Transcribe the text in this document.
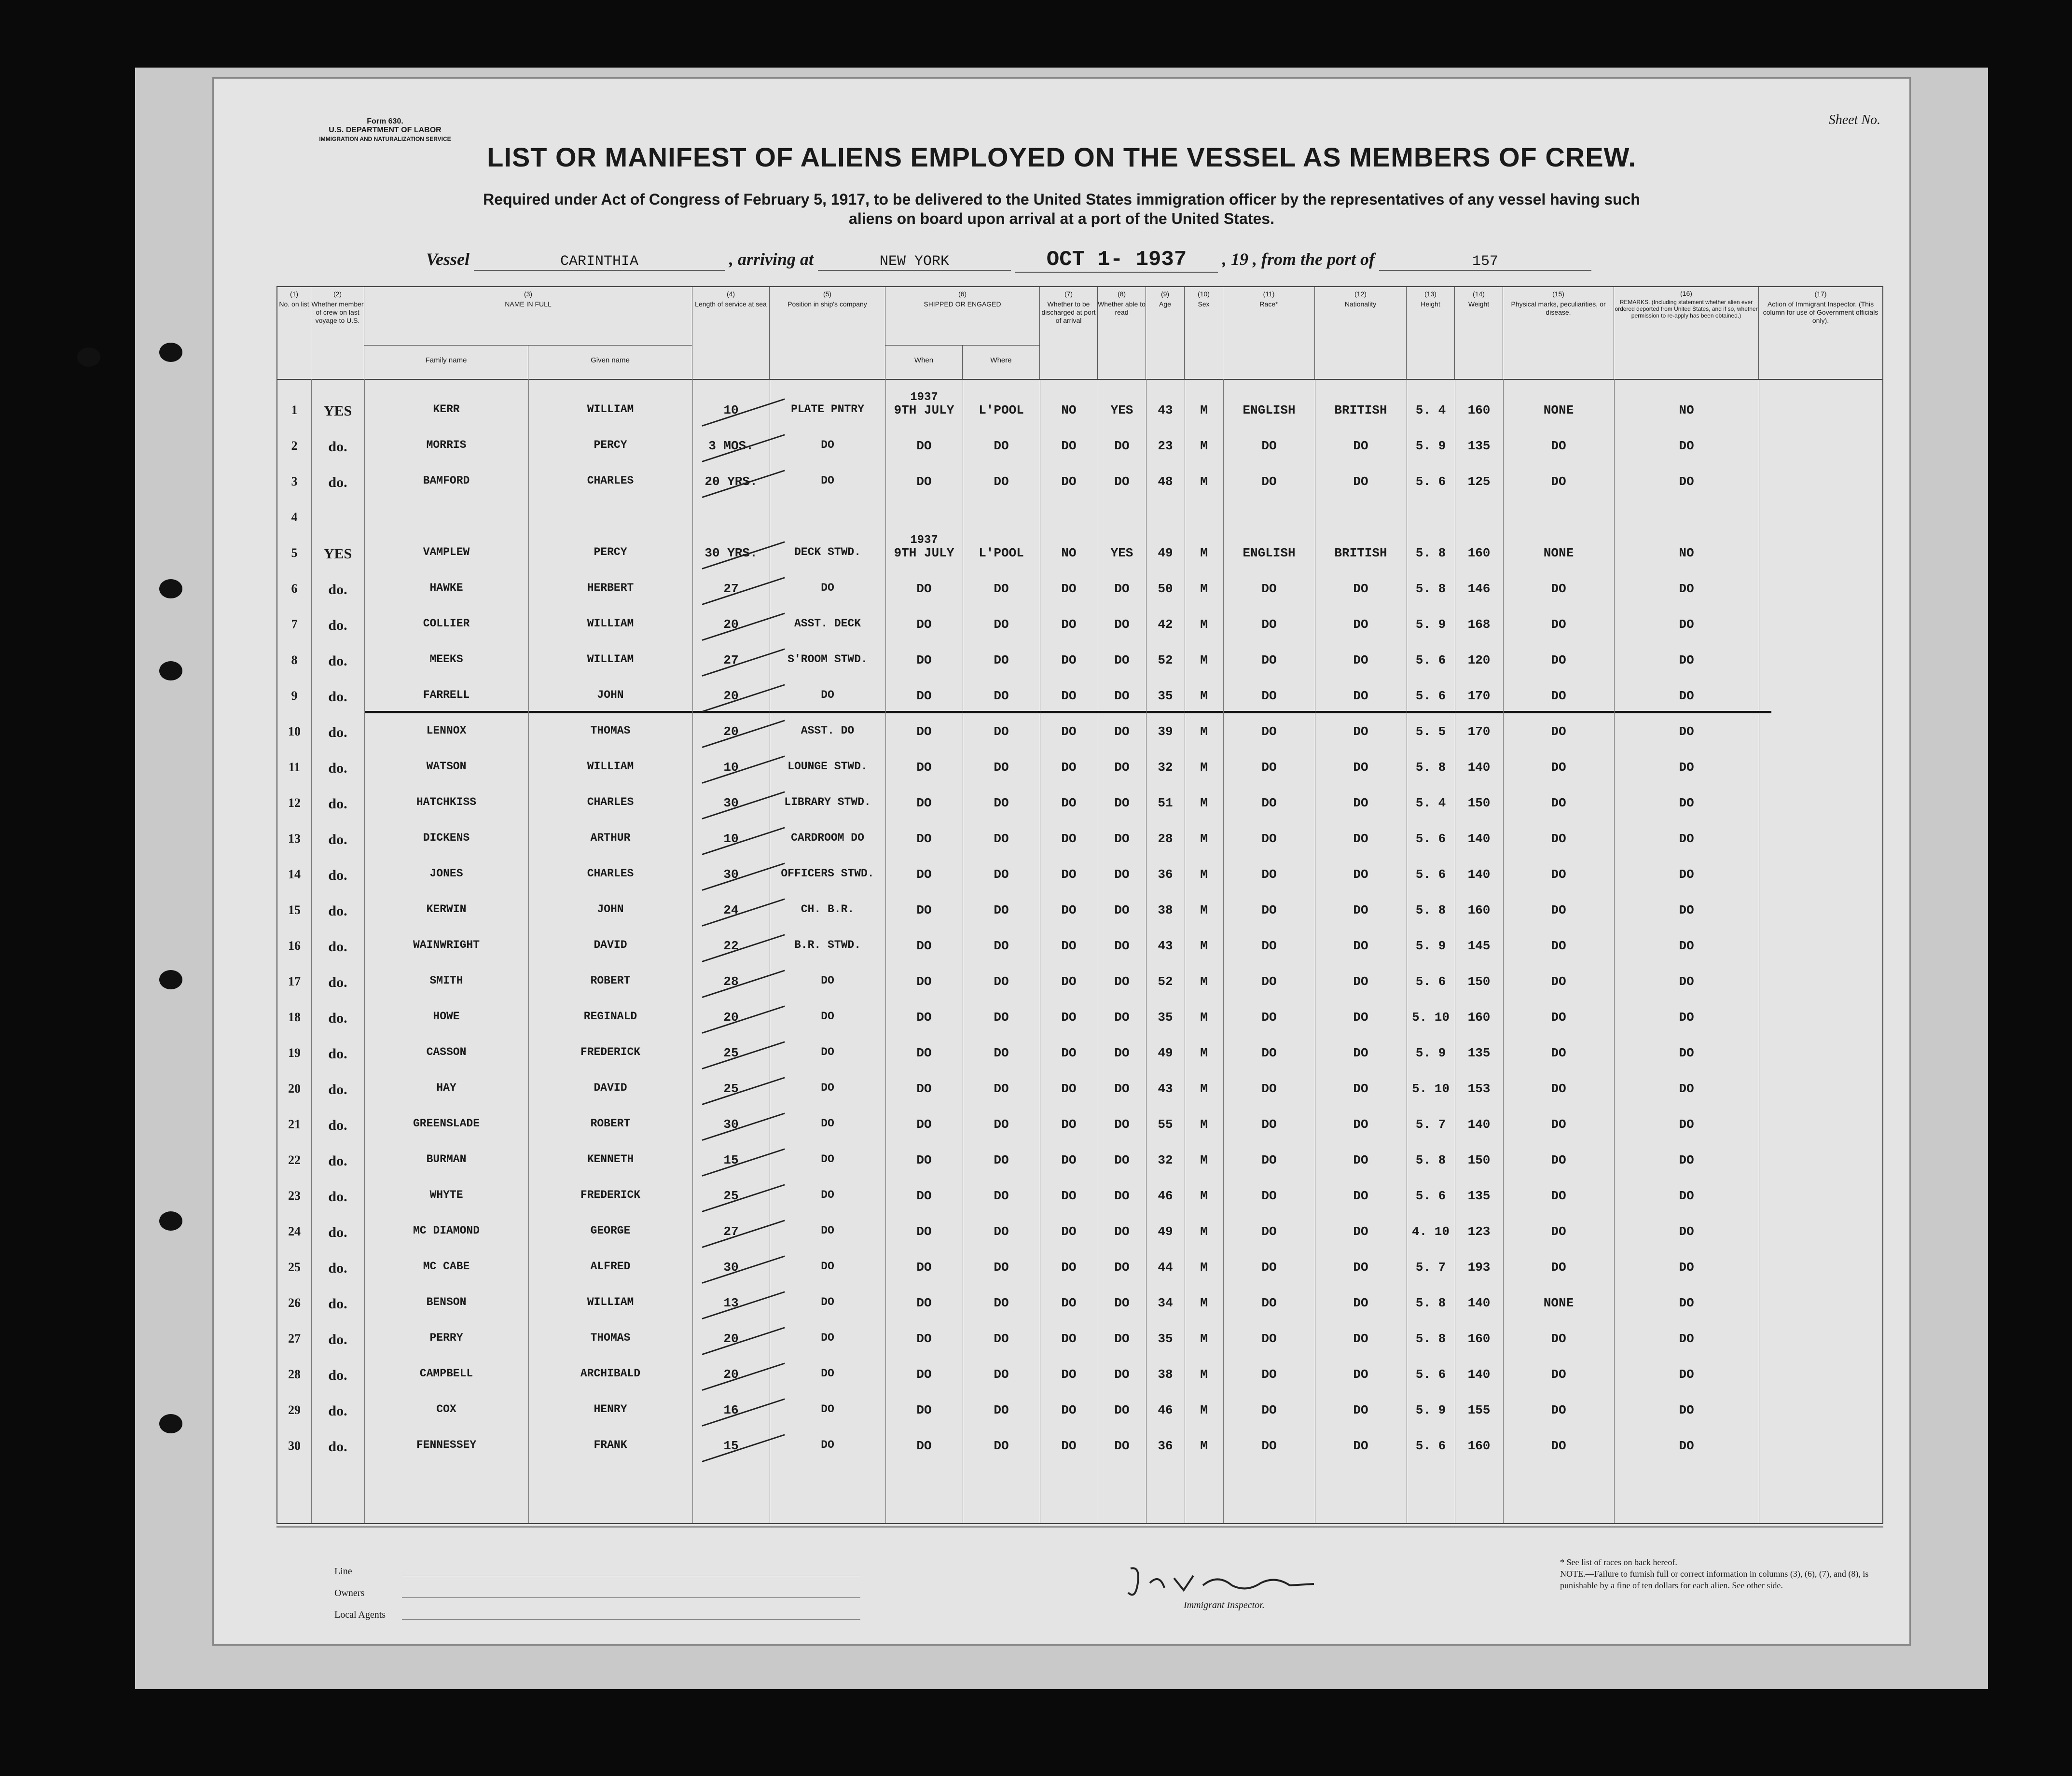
Form 630.
U.S. DEPARTMENT OF LABOR
IMMIGRATION AND NATURALIZATION SERVICE
Sheet No.
LIST OR MANIFEST OF ALIENS EMPLOYED ON THE VESSEL AS MEMBERS OF CREW.
Required under Act of Congress of February 5, 1917, to be delivered to the United States immigration officer by the representatives of any vessel having such
aliens on board upon arrival at a port of the United States.
Vessel	CARINTHIA	, arriving at	NEW YORK	OCT 1- 1937 , 19 , from the port of	157
(1)
No. on list
(2)
Whether member of crew on last voyage to U.S.
(3)
NAME IN FULL
Family name	Given name
(4)
Length of service at sea
(5)
Position in ship's company
(6)
SHIPPED OR ENGAGED
When	Where
(7)
Whether to be discharged at port of arrival
(8)
Whether able to read
(9)
Age
(10)
Sex
(11)
Race*
(12)
Nationality
(13)
Height
(14)
Weight
(15)
Physical marks, peculiarities, or disease.
(16)
REMARKS. (Including statement whether alien ever ordered deported from United States, and if so, whether permission to re-apply has been obtained.)
(17)
Action of Immigrant Inspector. (This column for use of Government officials only).
1	YES	KERR	WILLIAM	10	PLATE PNTRY	9TH JULY	L'POOL	NO	YES	43	M	ENGLISH	BRITISH	5. 4	160	NONE	NO
2	do.	MORRIS	PERCY	3 MOS.	DO	DO	DO	DO	DO	23	M	DO	DO	5. 9	135	DO	DO
3	do.	BAMFORD	CHARLES	20 YRS.	DO	DO	DO	DO	DO	48	M	DO	DO	5. 6	125	DO	DO
4
5	YES	VAMPLEW	PERCY	30 YRS.	DECK STWD.	9TH JULY	L'POOL	NO	YES	49	M	ENGLISH	BRITISH	5. 8	160	NONE	NO
6	do.	HAWKE	HERBERT	27	DO	DO	DO	DO	DO	50	M	DO	DO	5. 8	146	DO	DO
7	do.	COLLIER	WILLIAM	20	ASST. DECK	DO	DO	DO	DO	42	M	DO	DO	5. 9	168	DO	DO
8	do.	MEEKS	WILLIAM	27	S'ROOM STWD.	DO	DO	DO	DO	52	M	DO	DO	5. 6	120	DO	DO
9	do.	FARRELL	JOHN	20	DO	DO	DO	DO	DO	35	M	DO	DO	5. 6	170	DO	DO
10	do.	LENNOX	THOMAS	20	ASST. DO	DO	DO	DO	DO	39	M	DO	DO	5. 5	170	DO	DO
11	do.	WATSON	WILLIAM	10	LOUNGE STWD.	DO	DO	DO	DO	32	M	DO	DO	5. 8	140	DO	DO
12	do.	HATCHKISS	CHARLES	30	LIBRARY STWD.	DO	DO	DO	DO	51	M	DO	DO	5. 4	150	DO	DO
13	do.	DICKENS	ARTHUR	10	CARDROOM DO	DO	DO	DO	DO	28	M	DO	DO	5. 6	140	DO	DO
14	do.	JONES	CHARLES	30	OFFICERS STWD.	DO	DO	DO	DO	36	M	DO	DO	5. 6	140	DO	DO
15	do.	KERWIN	JOHN	24	CH. B.R.	DO	DO	DO	DO	38	M	DO	DO	5. 8	160	DO	DO
16	do.	WAINWRIGHT	DAVID	22	B.R. STWD.	DO	DO	DO	DO	43	M	DO	DO	5. 9	145	DO	DO
17	do.	SMITH	ROBERT	28	DO	DO	DO	DO	DO	52	M	DO	DO	5. 6	150	DO	DO
18	do.	HOWE	REGINALD	20	DO	DO	DO	DO	DO	35	M	DO	DO	5. 10	160	DO	DO
19	do.	CASSON	FREDERICK	25	DO	DO	DO	DO	DO	49	M	DO	DO	5. 9	135	DO	DO
20	do.	HAY	DAVID	25	DO	DO	DO	DO	DO	43	M	DO	DO	5. 10	153	DO	DO
21	do.	GREENSLADE	ROBERT	30	DO	DO	DO	DO	DO	55	M	DO	DO	5. 7	140	DO	DO
22	do.	BURMAN	KENNETH	15	DO	DO	DO	DO	DO	32	M	DO	DO	5. 8	150	DO	DO
23	do.	WHYTE	FREDERICK	25	DO	DO	DO	DO	DO	46	M	DO	DO	5. 6	135	DO	DO
24	do.	MC DIAMOND	GEORGE	27	DO	DO	DO	DO	DO	49	M	DO	DO	4. 10	123	DO	DO
25	do.	MC CABE	ALFRED	30	DO	DO	DO	DO	DO	44	M	DO	DO	5. 7	193	DO	DO
26	do.	BENSON	WILLIAM	13	DO	DO	DO	DO	DO	34	M	DO	DO	5. 8	140	NONE	DO
27	do.	PERRY	THOMAS	20	DO	DO	DO	DO	DO	35	M	DO	DO	5. 8	160	DO	DO
28	do.	CAMPBELL	ARCHIBALD	20	DO	DO	DO	DO	DO	38	M	DO	DO	5. 6	140	DO	DO
29	do.	COX	HENRY	16	DO	DO	DO	DO	DO	46	M	DO	DO	5. 9	155	DO	DO
30	do.	FENNESSEY	FRANK	15	DO	DO	DO	DO	DO	36	M	DO	DO	5. 6	160	DO	DO
1937
1937
Line
Owners
Local Agents
Immigrant Inspector.
* See list of races on back hereof.
NOTE.—Failure to furnish full or correct information in columns (3), (6), (7), and (8), is punishable by a fine of ten dollars for each alien. See other side.
